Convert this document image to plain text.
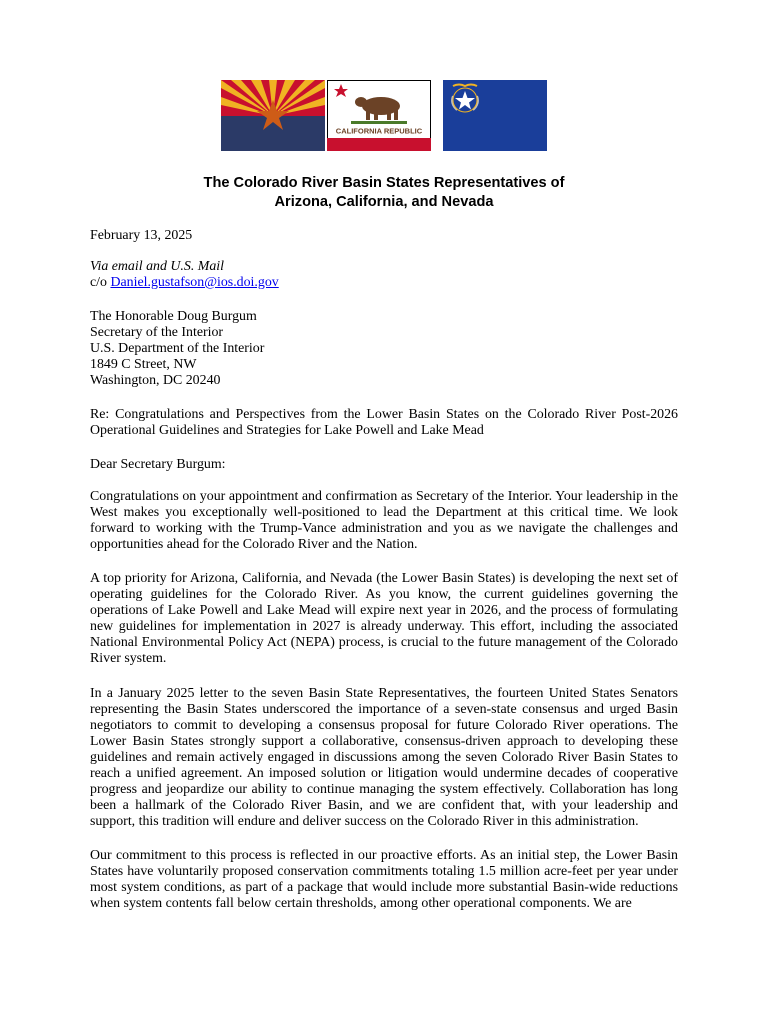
CALIFORNIA REPUBLIC
The Colorado River Basin States Representatives of
Arizona, California, and Nevada
February 13, 2025
Via email and U.S. Mail
c/o Daniel.gustafson@ios.doi.gov
The Honorable Doug Burgum
Secretary of the Interior
U.S. Department of the Interior
1849 C Street, NW
Washington, DC 20240
Re: Congratulations and Perspectives from the Lower Basin States on the Colorado River Post-2026 Operational Guidelines and Strategies for Lake Powell and Lake Mead
Dear Secretary Burgum:
Congratulations on your appointment and confirmation as Secretary of the Interior. Your leadership in the West makes you exceptionally well-positioned to lead the Department at this critical time. We look forward to working with the Trump-Vance administration and you as we navigate the challenges and opportunities ahead for the Colorado River and the Nation.
A top priority for Arizona, California, and Nevada (the Lower Basin States) is developing the next set of operating guidelines for the Colorado River. As you know, the current guidelines governing the operations of Lake Powell and Lake Mead will expire next year in 2026, and the process of formulating new guidelines for implementation in 2027 is already underway. This effort, including the associated National Environmental Policy Act (NEPA) process, is crucial to the future management of the Colorado River system.
In a January 2025 letter to the seven Basin State Representatives, the fourteen United States Senators representing the Basin States underscored the importance of a seven-state consensus and urged Basin negotiators to commit to developing a consensus proposal for future Colorado River operations. The Lower Basin States strongly support a collaborative, consensus-driven approach to developing these guidelines and remain actively engaged in discussions among the seven Colorado River Basin States to reach a unified agreement. An imposed solution or litigation would undermine decades of cooperative progress and jeopardize our ability to continue managing the system effectively. Collaboration has long been a hallmark of the Colorado River Basin, and we are confident that, with your leadership and support, this tradition will endure and deliver success on the Colorado River in this administration.
Our commitment to this process is reflected in our proactive efforts. As an initial step, the Lower Basin States have voluntarily proposed conservation commitments totaling 1.5 million acre-feet per year under most system conditions, as part of a package that would include more substantial Basin-wide reductions when system contents fall below certain thresholds, among other operational components. We are
